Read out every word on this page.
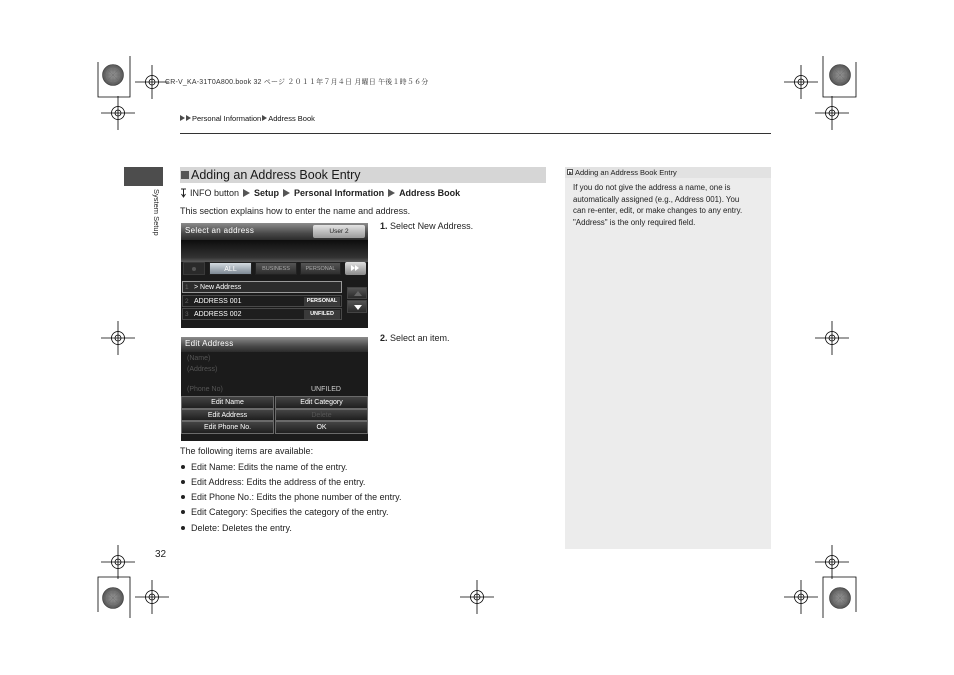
CR-V_KA-31T0A800.book 32 ページ ２０１１年７月４日 月曜日 午後１時５６分
Personal Information Address Book
System Setup
Adding an Address Book Entry
INFO button Setup Personal Information Address Book
This section explains how to enter the name and address.
Select an address	User 2
ALL	BUSINESS	PERSONAL
1 > New Address
2 ADDRESS 001	PERSONAL
3 ADDRESS 002	UNFILED
1. Select New Address.
Edit Address
(Name)
(Address)
(Phone No)	UNFILED
Edit Name	Edit Category
Edit Address	Delete
Edit Phone No.	OK
2. Select an item.
The following items are available:
Edit Name: Edits the name of the entry.
Edit Address: Edits the address of the entry.
Edit Phone No.: Edits the phone number of the entry.
Edit Category: Specifies the category of the entry.
Delete: Deletes the entry.
32
Adding an Address Book Entry
If you do not give the address a name, one is
automatically assigned (e.g., Address 001). You
can re-enter, edit, or make changes to any entry.
"Address" is the only required field.
